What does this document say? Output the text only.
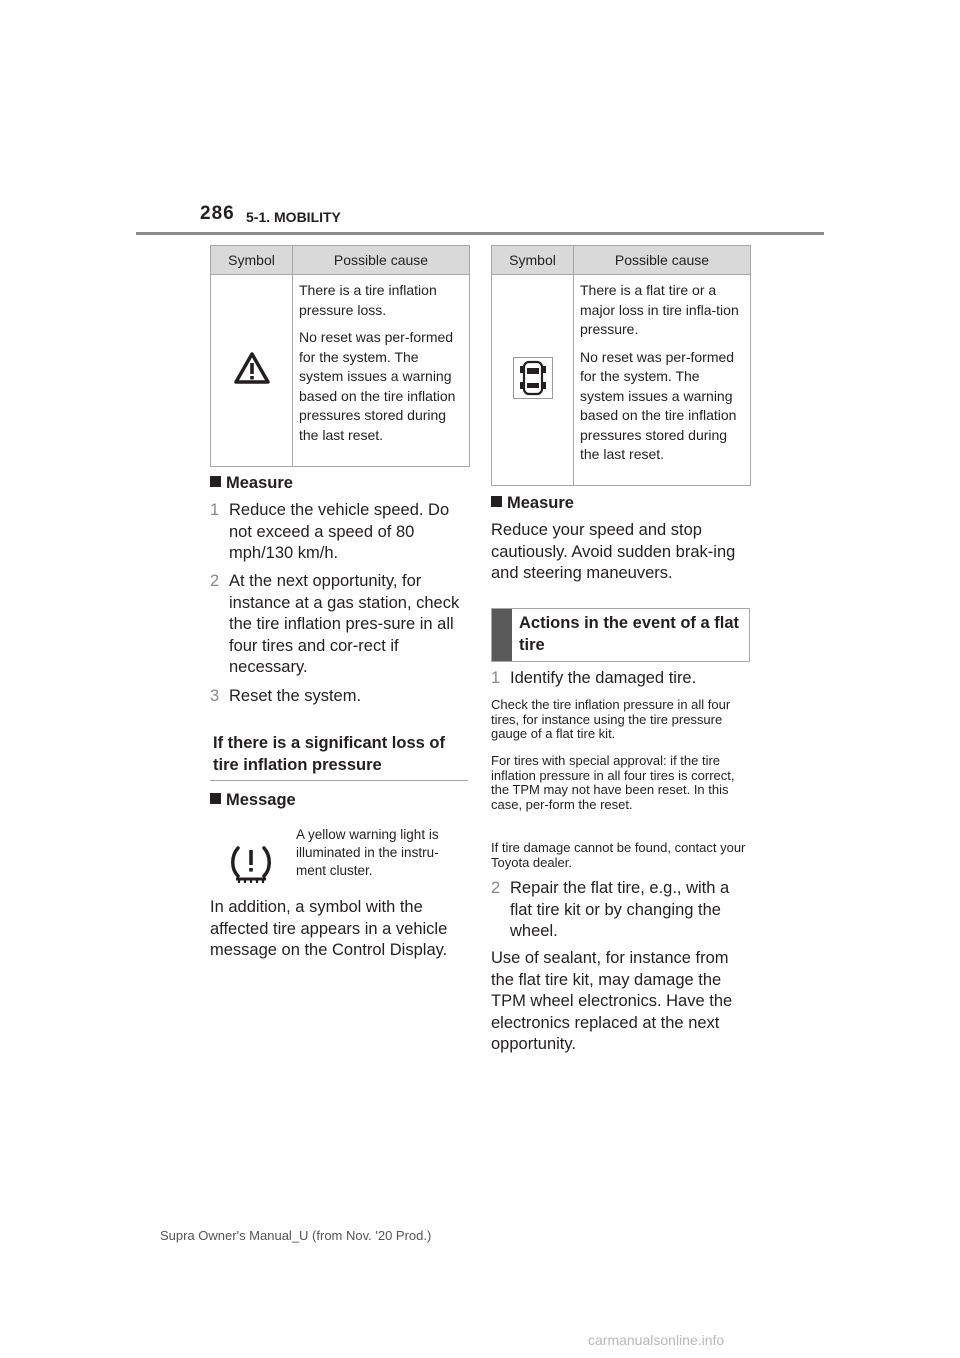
286 5-1. MOBILITY
Symbol	Possible cause

There is a tire inflation pressure loss.

No reset was per-formed for the system. The system issues a warning based on the tire inflation pressures stored during the last reset.

Measure
1 Reduce the vehicle speed. Do not exceed a speed of 80 mph/130 km/h.
2 At the next opportunity, for instance at a gas station, check the tire inflation pres-sure in all four tires and cor-rect if necessary.
3 Reset the system.
If there is a significant loss of tire inflation pressure
Message
A yellow warning light is illuminated in the instru-ment cluster.
In addition, a symbol with the affected tire appears in a vehicle message on the Control Display.
Symbol	Possible cause

There is a flat tire or a major loss in tire infla-tion pressure.

No reset was per-formed for the system. The system issues a warning based on the tire inflation pressures stored during the last reset.

Measure
Reduce your speed and stop cautiously. Avoid sudden brak-ing and steering maneuvers.
Actions in the event of a flat tire
1 Identify the damaged tire.
Check the tire inflation pressure in all four tires, for instance using the tire pressure gauge of a flat tire kit.
For tires with special approval: if the tire inflation pressure in all four tires is correct, the TPM may not have been reset. In this case, per-form the reset.
If tire damage cannot be found, contact your Toyota dealer.
2 Repair the flat tire, e.g., with a flat tire kit or by changing the wheel.
Use of sealant, for instance from the flat tire kit, may damage the TPM wheel electronics. Have the electronics replaced at the next opportunity.
Supra Owner's Manual_U (from Nov. '20 Prod.)
carmanualsonline.info
